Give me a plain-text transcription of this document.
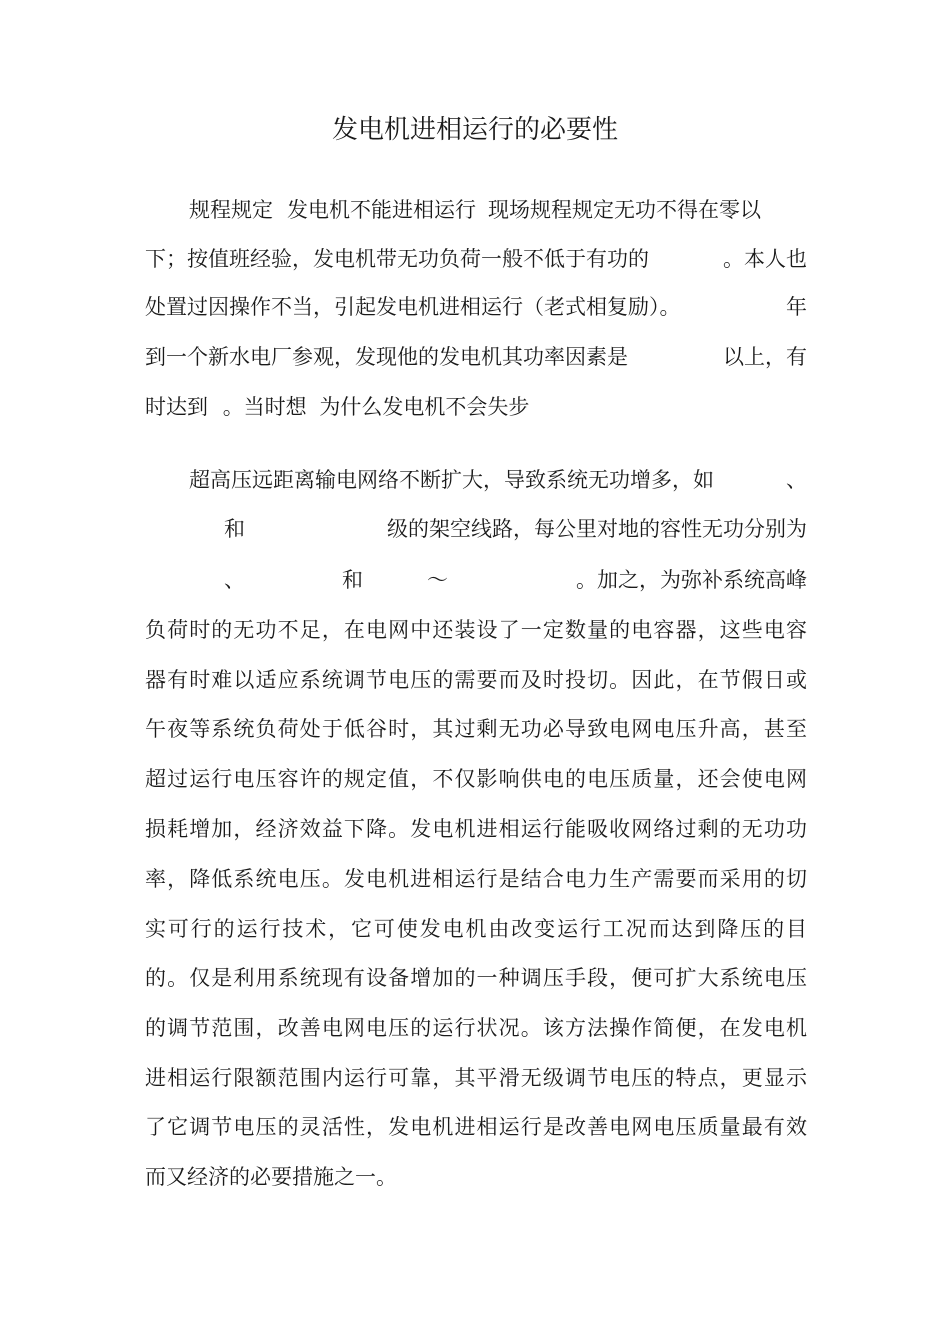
发电机进相运行的必要性
规程规定 发电机不能进相运行 现场规程规定无功不得在零以
下；按值班经验，发电机带无功负荷一般不低于有功的	。本人也
处置过因操作不当，引起发电机进相运行（老式相复励）。	年
到一个新水电厂参观，发现他的发电机其功率因素是	以上，有
时达到 。当时想 为什么发电机不会失步
超高压远距离输电网络不断扩大，导致系统无功增多，如	、
和	级的架空线路，每公里对地的容性无功分别为
、	和	～	。加之，为弥补系统高峰
负荷时的无功不足，在电网中还装设了一定数量的电容器，这些电容
器有时难以适应系统调节电压的需要而及时投切。因此，在节假日或
午夜等系统负荷处于低谷时，其过剩无功必导致电网电压升高，甚至
超过运行电压容许的规定值，不仅影响供电的电压质量，还会使电网
损耗增加，经济效益下降。发电机进相运行能吸收网络过剩的无功功
率，降低系统电压。发电机进相运行是结合电力生产需要而采用的切
实可行的运行技术，它可使发电机由改变运行工况而达到降压的目
的。仅是利用系统现有设备增加的一种调压手段，便可扩大系统电压
的调节范围，改善电网电压的运行状况。该方法操作简便，在发电机
进相运行限额范围内运行可靠，其平滑无级调节电压的特点，更显示
了它调节电压的灵活性，发电机进相运行是改善电网电压质量最有效
而又经济的必要措施之一。
